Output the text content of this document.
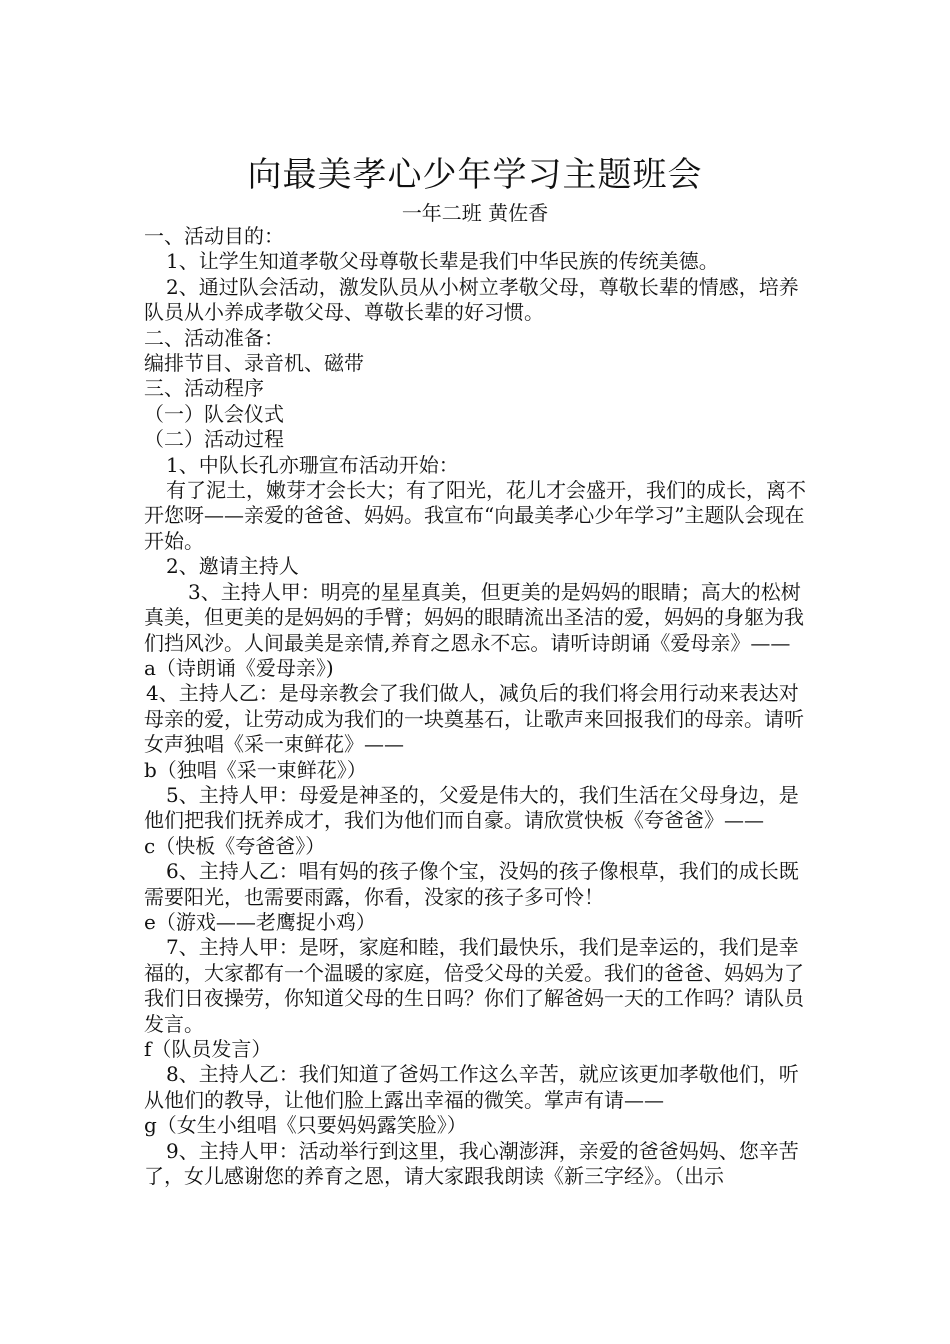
向最美孝心少年学习主题班会
一年二班 黄佐香

一、活动目的：

1、让学生知道孝敬父母尊敬长辈是我们中华民族的传统美德。

2、通过队会活动，激发队员从小树立孝敬父母，尊敬长辈的情感，培养队员从小养成孝敬父母、尊敬长辈的好习惯。

二、活动准备：

编排节目、录音机、磁带

三、活动程序

（一）队会仪式

（二）活动过程

1、中队长孔亦珊宣布活动开始：

有了泥土，嫩芽才会长大；有了阳光，花儿才会盛开，我们的成长，离不开您呀——亲爱的爸爸、妈妈。我宣布“向最美孝心少年学习”主题队会现在开始。

2、邀请主持人

3、主持人甲：明亮的星星真美，但更美的是妈妈的眼睛；高大的松树真美，但更美的是妈妈的手臂；妈妈的眼睛流出圣洁的爱，妈妈的身躯为我们挡风沙。人间最美是亲情,养育之恩永不忘。请听诗朗诵《爱母亲》——

a（诗朗诵《爱母亲》)

4、主持人乙：是母亲教会了我们做人，减负后的我们将会用行动来表达对母亲的爱，让劳动成为我们的一块奠基石，让歌声来回报我们的母亲。请听女声独唱《采一束鲜花》——

b（独唱《采一束鲜花》）

5、主持人甲：母爱是神圣的，父爱是伟大的，我们生活在父母身边，是他们把我们抚养成才，我们为他们而自豪。请欣赏快板《夸爸爸》——

c（快板《夸爸爸》）

6、主持人乙：唱有妈的孩子像个宝，没妈的孩子像根草，我们的成长既需要阳光，也需要雨露，你看，没家的孩子多可怜！

e（游戏——老鹰捉小鸡）

7、主持人甲：是呀，家庭和睦，我们最快乐，我们是幸运的，我们是幸福的，大家都有一个温暖的家庭，倍受父母的关爱。我们的爸爸、妈妈为了我们日夜操劳，你知道父母的生日吗？你们了解爸妈一天的工作吗？请队员发言。

f（队员发言）

8、主持人乙：我们知道了爸妈工作这么辛苦，就应该更加孝敬他们，听从他们的教导，让他们脸上露出幸福的微笑。掌声有请——

g（女生小组唱《只要妈妈露笑脸》）

9、主持人甲：活动举行到这里，我心潮澎湃，亲爱的爸爸妈妈、您辛苦了，女儿感谢您的养育之恩，请大家跟我朗读《新三字经》。（出示
